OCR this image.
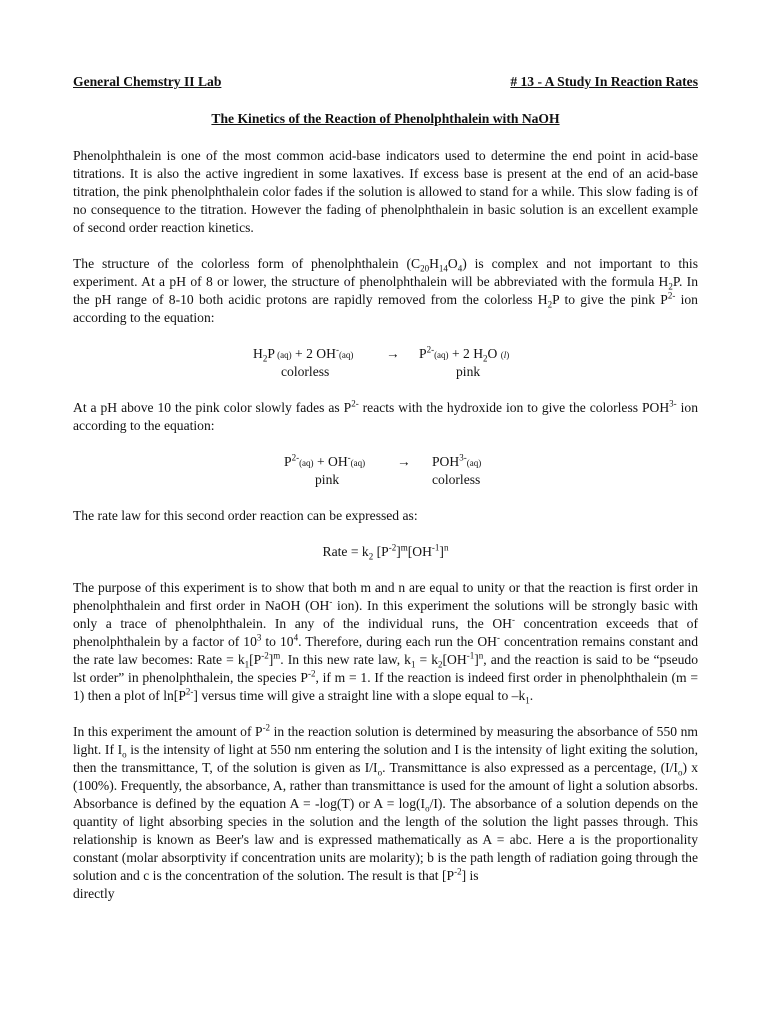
General Chemstry II Lab	# 13 - A Study In Reaction Rates
The Kinetics of the Reaction of Phenolphthalein with NaOH

Phenolphthalein is one of the most common acid-base indicators used to determine the end point in acid-base titrations. It is also the active ingredient in some laxatives. If excess base is present at the end of an acid-base titration, the pink phenolphthalein color fades if the solution is allowed to stand for a while. This slow fading is of no consequence to the titration. However the fading of phenolphthalein in basic solution is an excellent example of second order reaction kinetics.

The structure of the colorless form of phenolphthalein $(C_{20}H_{14}O_4)$ is complex and not important to this experiment. At a pH of 8 or lower, the structure of phenolphthalein will be abbreviated with the formula $H_2P$. In the pH range of 8-10 both acidic protons are rapidly removed from the colorless $H_2P$ to give the pink $P^{2-}$ ion according to the equation:

$H_2P$ (aq) + 2 $OH^-(aq) \to P^{2-}(aq) + 2$ $H_2O$ (l)
colorless	pink

At a pH above 10 the pink color slowly fades as $P^{2-}$ reacts with the hydroxide ion to give the colorless $POH^{3-}$ ion according to the equation:

$P^{2-}(aq) + OH^-(aq) \to POH^{3-}(aq)$
pink	colorless

The rate law for this second order reaction can be expressed as:

Rate = $k_2$ $[P^{-2}]^m[OH^{-1}]^n$

The purpose of this experiment is to show that both m and n are equal to unity or that the reaction is first order in phenolphthalein and first order in NaOH (OH- ion). In this experiment the solutions will be strongly basic with only a trace of phenolphthalein. In any of the individual runs, the OH- concentration exceeds that of phenolphthalein by a factor of $10^3$ to $10^4$. Therefore, during each run the OH- concentration remains constant and the rate law becomes: Rate = $k_1[P^{-2}]^m$. In this new rate law, $k_1 = k_2[OH^{-1}]^n$, and the reaction is said to be “pseudo lst order” in phenolphthalein, the species $P^{-2}$, if m = 1. If the reaction is indeed first order in phenolphthalein (m = 1) then a plot of $\ln[P^{2-}]$ versus time will give a straight line with a slope equal to $-k_1$.

In this experiment the amount of $P^{-2}$ in the reaction solution is determined by measuring the absorbance of 550 nm light. If $I_o$ is the intensity of light at 550 nm entering the solution and I is the intensity of light exiting the solution, then the transmittance, T, of the solution is given as $I/I_o$. Transmittance is also expressed as a percentage, $(I/I_o)$ x (100%). Frequently, the absorbance, A, rather than transmittance is used for the amount of light a solution absorbs. Absorbance is defined by the equation A = -log(T) or $A = \log(I_o/I)$. The absorbance of a solution depends on the quantity of light absorbing species in the solution and the length of the solution the light passes through. This relationship is known as Beer's law and is expressed mathematically as A = abc. Here a is the proportionality constant (molar absorptivity if concentration units are molarity); b is the path length of radiation going through the solution and c is the concentration of the solution. The result is that $[P^{-2}]$ is

directly
